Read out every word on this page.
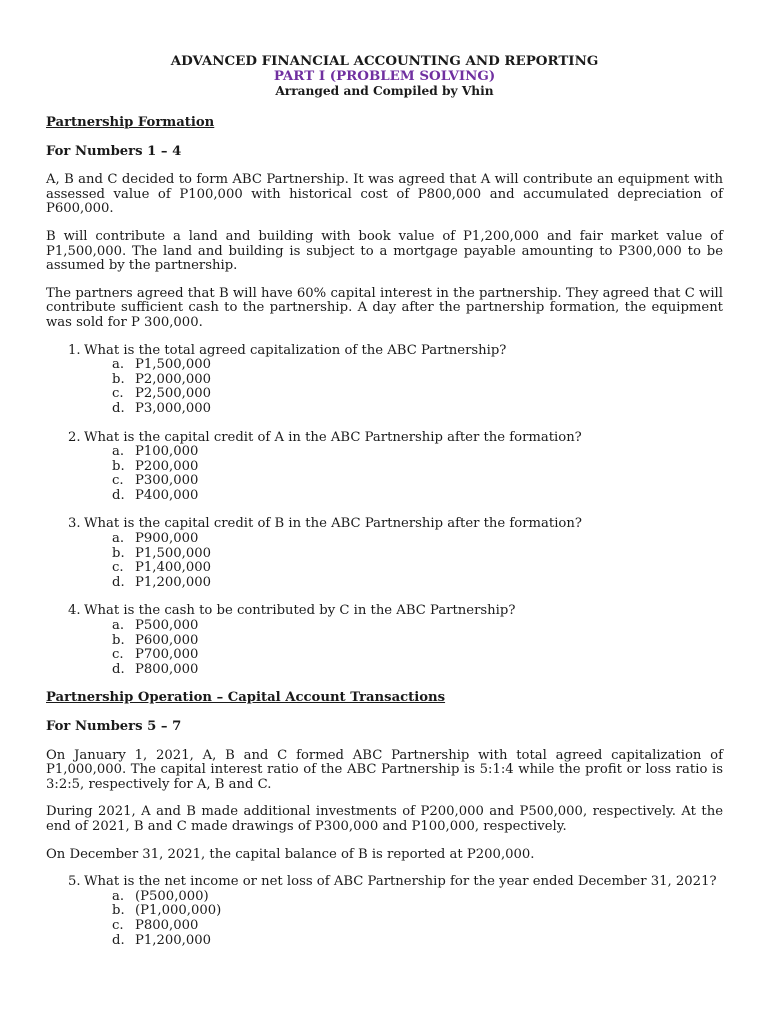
ADVANCED FINANCIAL ACCOUNTING AND REPORTING
PART I (PROBLEM SOLVING)
Arranged and Compiled by Vhin
Partnership Formation
For Numbers 1 – 4

A, B and C decided to form ABC Partnership. It was agreed that A will contribute an equipment with assessed value of P100,000 with historical cost of P800,000 and accumulated depreciation of P600,000.

B will contribute a land and building with book value of P1,200,000 and fair market value of P1,500,000. The land and building is subject to a mortgage payable amounting to P300,000 to be assumed by the partnership.

The partners agreed that B will have 60% capital interest in the partnership. They agreed that C will contribute sufficient cash to the partnership. A day after the partnership formation, the equipment was sold for P 300,000.

1. What is the total agreed capitalization of the ABC Partnership?
a. P1,500,000
b. P2,000,000
c. P2,500,000
d. P3,000,000
2. What is the capital credit of A in the ABC Partnership after the formation?
a. P100,000
b. P200,000
c. P300,000
d. P400,000
3. What is the capital credit of B in the ABC Partnership after the formation?
a. P900,000
b. P1,500,000
c. P1,400,000
d. P1,200,000
4. What is the cash to be contributed by C in the ABC Partnership?
a. P500,000
b. P600,000
c. P700,000
d. P800,000
Partnership Operation – Capital Account Transactions
For Numbers 5 – 7

On January 1, 2021, A, B and C formed ABC Partnership with total agreed capitalization of P1,000,000. The capital interest ratio of the ABC Partnership is 5:1:4 while the profit or loss ratio is 3:2:5, respectively for A, B and C.

During 2021, A and B made additional investments of P200,000 and P500,000, respectively. At the end of 2021, B and C made drawings of P300,000 and P100,000, respectively.

On December 31, 2021, the capital balance of B is reported at P200,000.

5. What is the net income or net loss of ABC Partnership for the year ended December 31, 2021?
a. (P500,000)
b. (P1,000,000)
c. P800,000
d. P1,200,000
